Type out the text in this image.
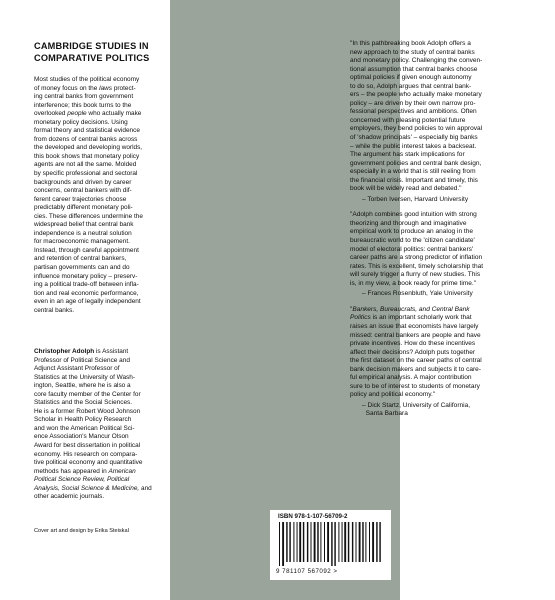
CAMBRIDGE STUDIES IN
COMPARATIVE POLITICS
Most studies of the political economy
of money focus on the laws protect-
ing central banks from government
interference; this book turns to the
overlooked people who actually make
monetary policy decisions. Using
formal theory and statistical evidence
from dozens of central banks across
the developed and developing worlds,
this book shows that monetary policy
agents are not all the same. Molded
by specific professional and sectoral
backgrounds and driven by career
concerns, central bankers with dif-
ferent career trajectories choose
predictably different monetary poli-
cies. These differences undermine the
widespread belief that central bank
independence is a neutral solution
for macroeconomic management.
Instead, through careful appointment
and retention of central bankers,
partisan governments can and do
influence monetary policy – preserv-
ing a political trade-off between infla-
tion and real economic performance,
even in an age of legally independent
central banks.
Christopher Adolph is Assistant
Professor of Political Science and
Adjunct Assistant Professor of
Statistics at the University of Wash-
ington, Seattle, where he is also a
core faculty member of the Center for
Statistics and the Social Sciences.
He is a former Robert Wood Johnson
Scholar in Health Policy Research
and won the American Political Sci-
ence Association's Mancur Olson
Award for best dissertation in political
economy. His research on compara-
tive political economy and quantitative
methods has appeared in American
Political Science Review, Political
Analysis, Social Science & Medicine, and
other academic journals.
Cover art and design by Erika Steiskal
"In this pathbreaking book Adolph offers a
new approach to the study of central banks
and monetary policy. Challenging the conven-
tional assumption that central banks choose
optimal policies if given enough autonomy
to do so, Adolph argues that central bank-
ers – the people who actually make monetary
policy – are driven by their own narrow pro-
fessional perspectives and ambitions. Often
concerned with pleasing potential future
employers, they bend policies to win approval
of 'shadow principals' – especially big banks
– while the public interest takes a backseat.
The argument has stark implications for
government policies and central bank design,
especially in a world that is still reeling from
the financial crisis. Important and timely, this
book will be widely read and debated."
– Torben Iversen, Harvard University
"Adolph combines good intuition with strong
theorizing and thorough and imaginative
empirical work to produce an analog in the
bureaucratic world to the 'citizen candidate'
model of electoral politics: central bankers'
career paths are a strong predictor of inflation
rates. This is excellent, timely scholarship that
will surely trigger a flurry of new studies. This
is, in my view, a book ready for prime time."
– Frances Rosenbluth, Yale University
"Bankers, Bureaucrats, and Central Bank
Politics is an important scholarly work that
raises an issue that economists have largely
missed: central bankers are people and have
private incentives. How do these incentives
affect their decisions? Adolph puts together
the first dataset on the career paths of central
bank decision makers and subjects it to care-
ful empirical analysis. A major contribution
sure to be of interest to students of monetary
policy and political economy."
– Dick Startz, University of California,
Santa Barbara
CAMBRIDGE
UNIVERSITY PRESS
www.cambridge.org
ISBN 978-1-107-56709-2
9 781107 567092 >
